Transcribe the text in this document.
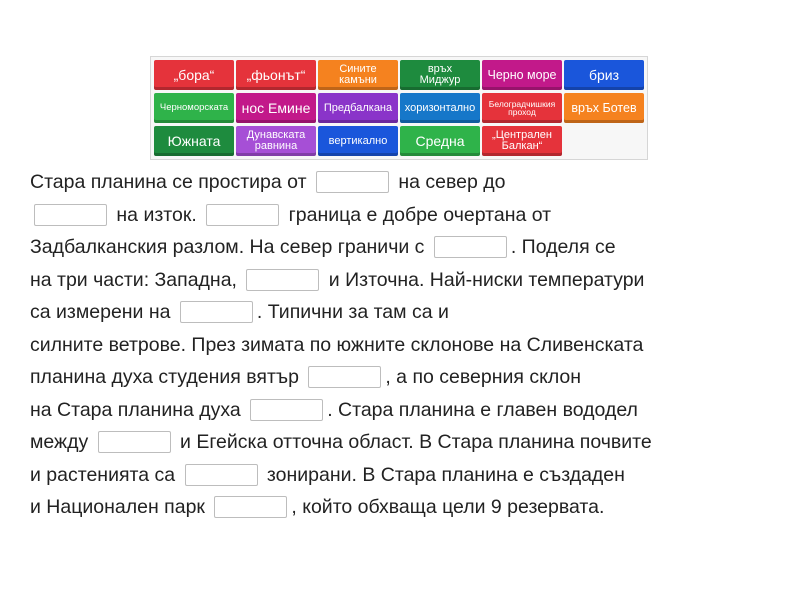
„бора“	„фьонът“	Сините
камъни
връх
Миджур	Черно море	бриз
Черноморската нос Емине	Предбалкана	хоризонтално	Белоградчишкия
проход	връх Ботев
Южната	Дунавската
равнина	вертикално	Средна	„Централен
Балкан“
Стара планина се простира от	на север до
на изток.	граница е добре очертана от
Задбалканския разлом. На север граничи с	. Поделя се
на три части: Западна,	и Източна. Най-ниски температури
са измерени на	. Типични за там са и
силните ветрове. През зимата по южните склонове на Сливенската
планина духа студения вятър	, а по северния склон
на Стара планина духа	. Стара планина е главен вододел
между	и Егейска отточна област. В Стара планина почвите
и растенията са	зонирани. В Стара планина е създаден
и Национален парк	, който обхваща цели 9 резервата.
